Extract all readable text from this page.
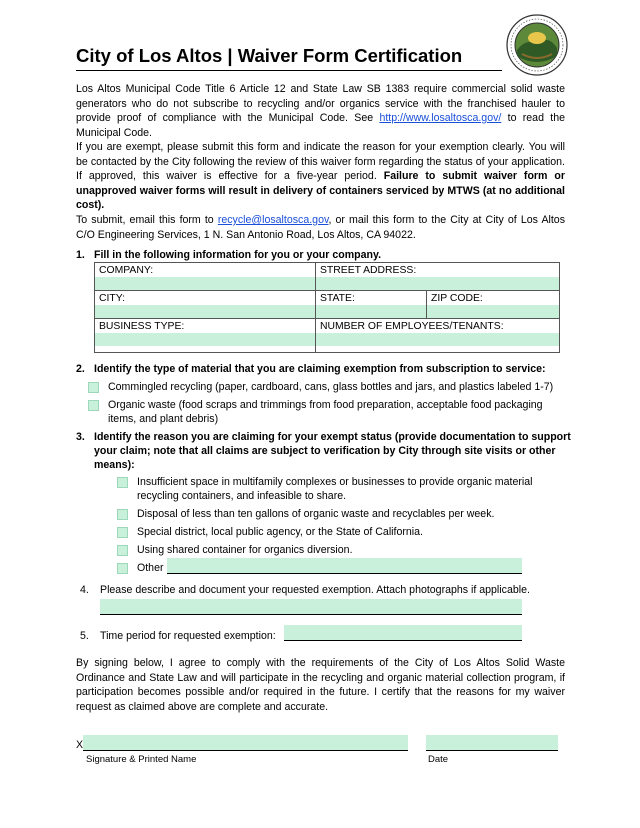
City of Los Altos | Waiver Form Certification
Los Altos Municipal Code Title 6 Article 12 and State Law SB 1383 require commercial solid waste generators who do not subscribe to recycling and/or organics service with the franchised hauler to provide proof of compliance with the Municipal Code. See http://www.losaltosca.gov/ to read the Municipal Code.
If you are exempt, please submit this form and indicate the reason for your exemption clearly. You will be contacted by the City following the review of this waiver form regarding the status of your application. If approved, this waiver is effective for a five-year period. Failure to submit waiver form or unapproved waiver forms will result in delivery of containers serviced by MTWS (at no additional cost).
To submit, email this form to recycle@losaltosca.gov, or mail this form to the City at City of Los Altos C/O Engineering Services, 1 N. San Antonio Road, Los Altos, CA 94022.
1. Fill in the following information for you or your company.
COMPANY:	STREET ADDRESS:	

CITY:	STATE:	ZIP CODE:

BUSINESS TYPE:	NUMBER OF EMPLOYEES/TENANTS:	
2. Identify the type of material that you are claiming exemption from subscription to service:
Commingled recycling (paper, cardboard, cans, glass bottles and jars, and plastics labeled 1-7)
Organic waste (food scraps and trimmings from food preparation, acceptable food packaging
items, and plant debris)
3. Identify the reason you are claiming for your exempt status (provide documentation to support
your claim; note that all claims are subject to verification by City through site visits or other
means):
Insufficient space in multifamily complexes or businesses to provide organic material
recycling containers, and infeasible to share.
Disposal of less than ten gallons of organic waste and recyclables per week.
Special district, local public agency, or the State of California.
Using shared container for organics diversion.
Other
4. Please describe and document your requested exemption. Attach photographs if applicable.
5. Time period for requested exemption:
By signing below, I agree to comply with the requirements of the City of Los Altos Solid Waste Ordinance and State Law and will participate in the recycling and organic material collection program, if participation becomes possible and/or required in the future. I certify that the reasons for my waiver request as claimed above are complete and accurate.
X
Signature & Printed Name	Date
